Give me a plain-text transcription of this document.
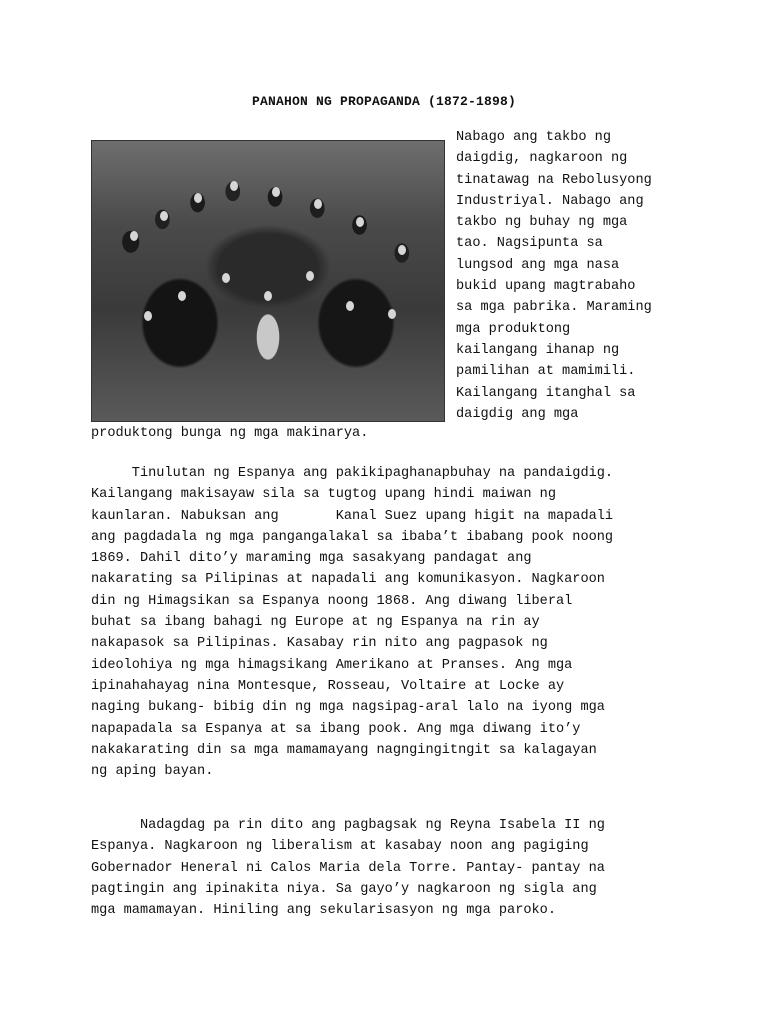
PANAHON NG PROPAGANDA (1872-1898)

Nabago ang takbo ng
daigdig, nagkaroon ng
tinatawag na Rebolusyong
Industriyal. Nabago ang
takbo ng buhay ng mga
tao. Nagsipunta sa
lungsod ang mga nasa
bukid upang magtrabaho
sa mga pabrika. Maraming
mga produktong
kailangang ihanap ng
pamilihan at mamimili.
Kailangang itanghal sa
daigdig ang mga

produktong bunga ng mga makinarya.

Tinulutan ng Espanya ang pakikipaghanapbuhay na pandaigdig.
Kailangang makisayaw sila sa tugtog upang hindi maiwan ng
kaunlaran. Nabuksan ang       Kanal Suez upang higit na mapadali
ang pagdadala ng mga pangangalakal sa ibaba’t ibabang pook noong
1869. Dahil dito’y maraming mga sasakyang pandagat ang
nakarating sa Pilipinas at napadali ang komunikasyon. Nagkaroon
din ng Himagsikan sa Espanya noong 1868. Ang diwang liberal
buhat sa ibang bahagi ng Europe at ng Espanya na rin ay
nakapasok sa Pilipinas. Kasabay rin nito ang pagpasok ng
ideolohiya ng mga himagsikang Amerikano at Pranses. Ang mga
ipinahahayag nina Montesque, Rosseau, Voltaire at Locke ay
naging bukang- bibig din ng mga nagsipag-aral lalo na iyong mga
napapadala sa Espanya at sa ibang pook. Ang mga diwang ito’y
nakakarating din sa mga mamamayang nagngingitngit sa kalagayan
ng aping bayan.

Nadagdag pa rin dito ang pagbagsak ng Reyna Isabela II ng
Espanya. Nagkaroon ng liberalism at kasabay noon ang pagiging
Gobernador Heneral ni Calos Maria dela Torre. Pantay- pantay na
pagtingin ang ipinakita niya. Sa gayo’y nagkaroon ng sigla ang
mga mamamayan. Hiniling ang sekularisasyon ng mga paroko.
